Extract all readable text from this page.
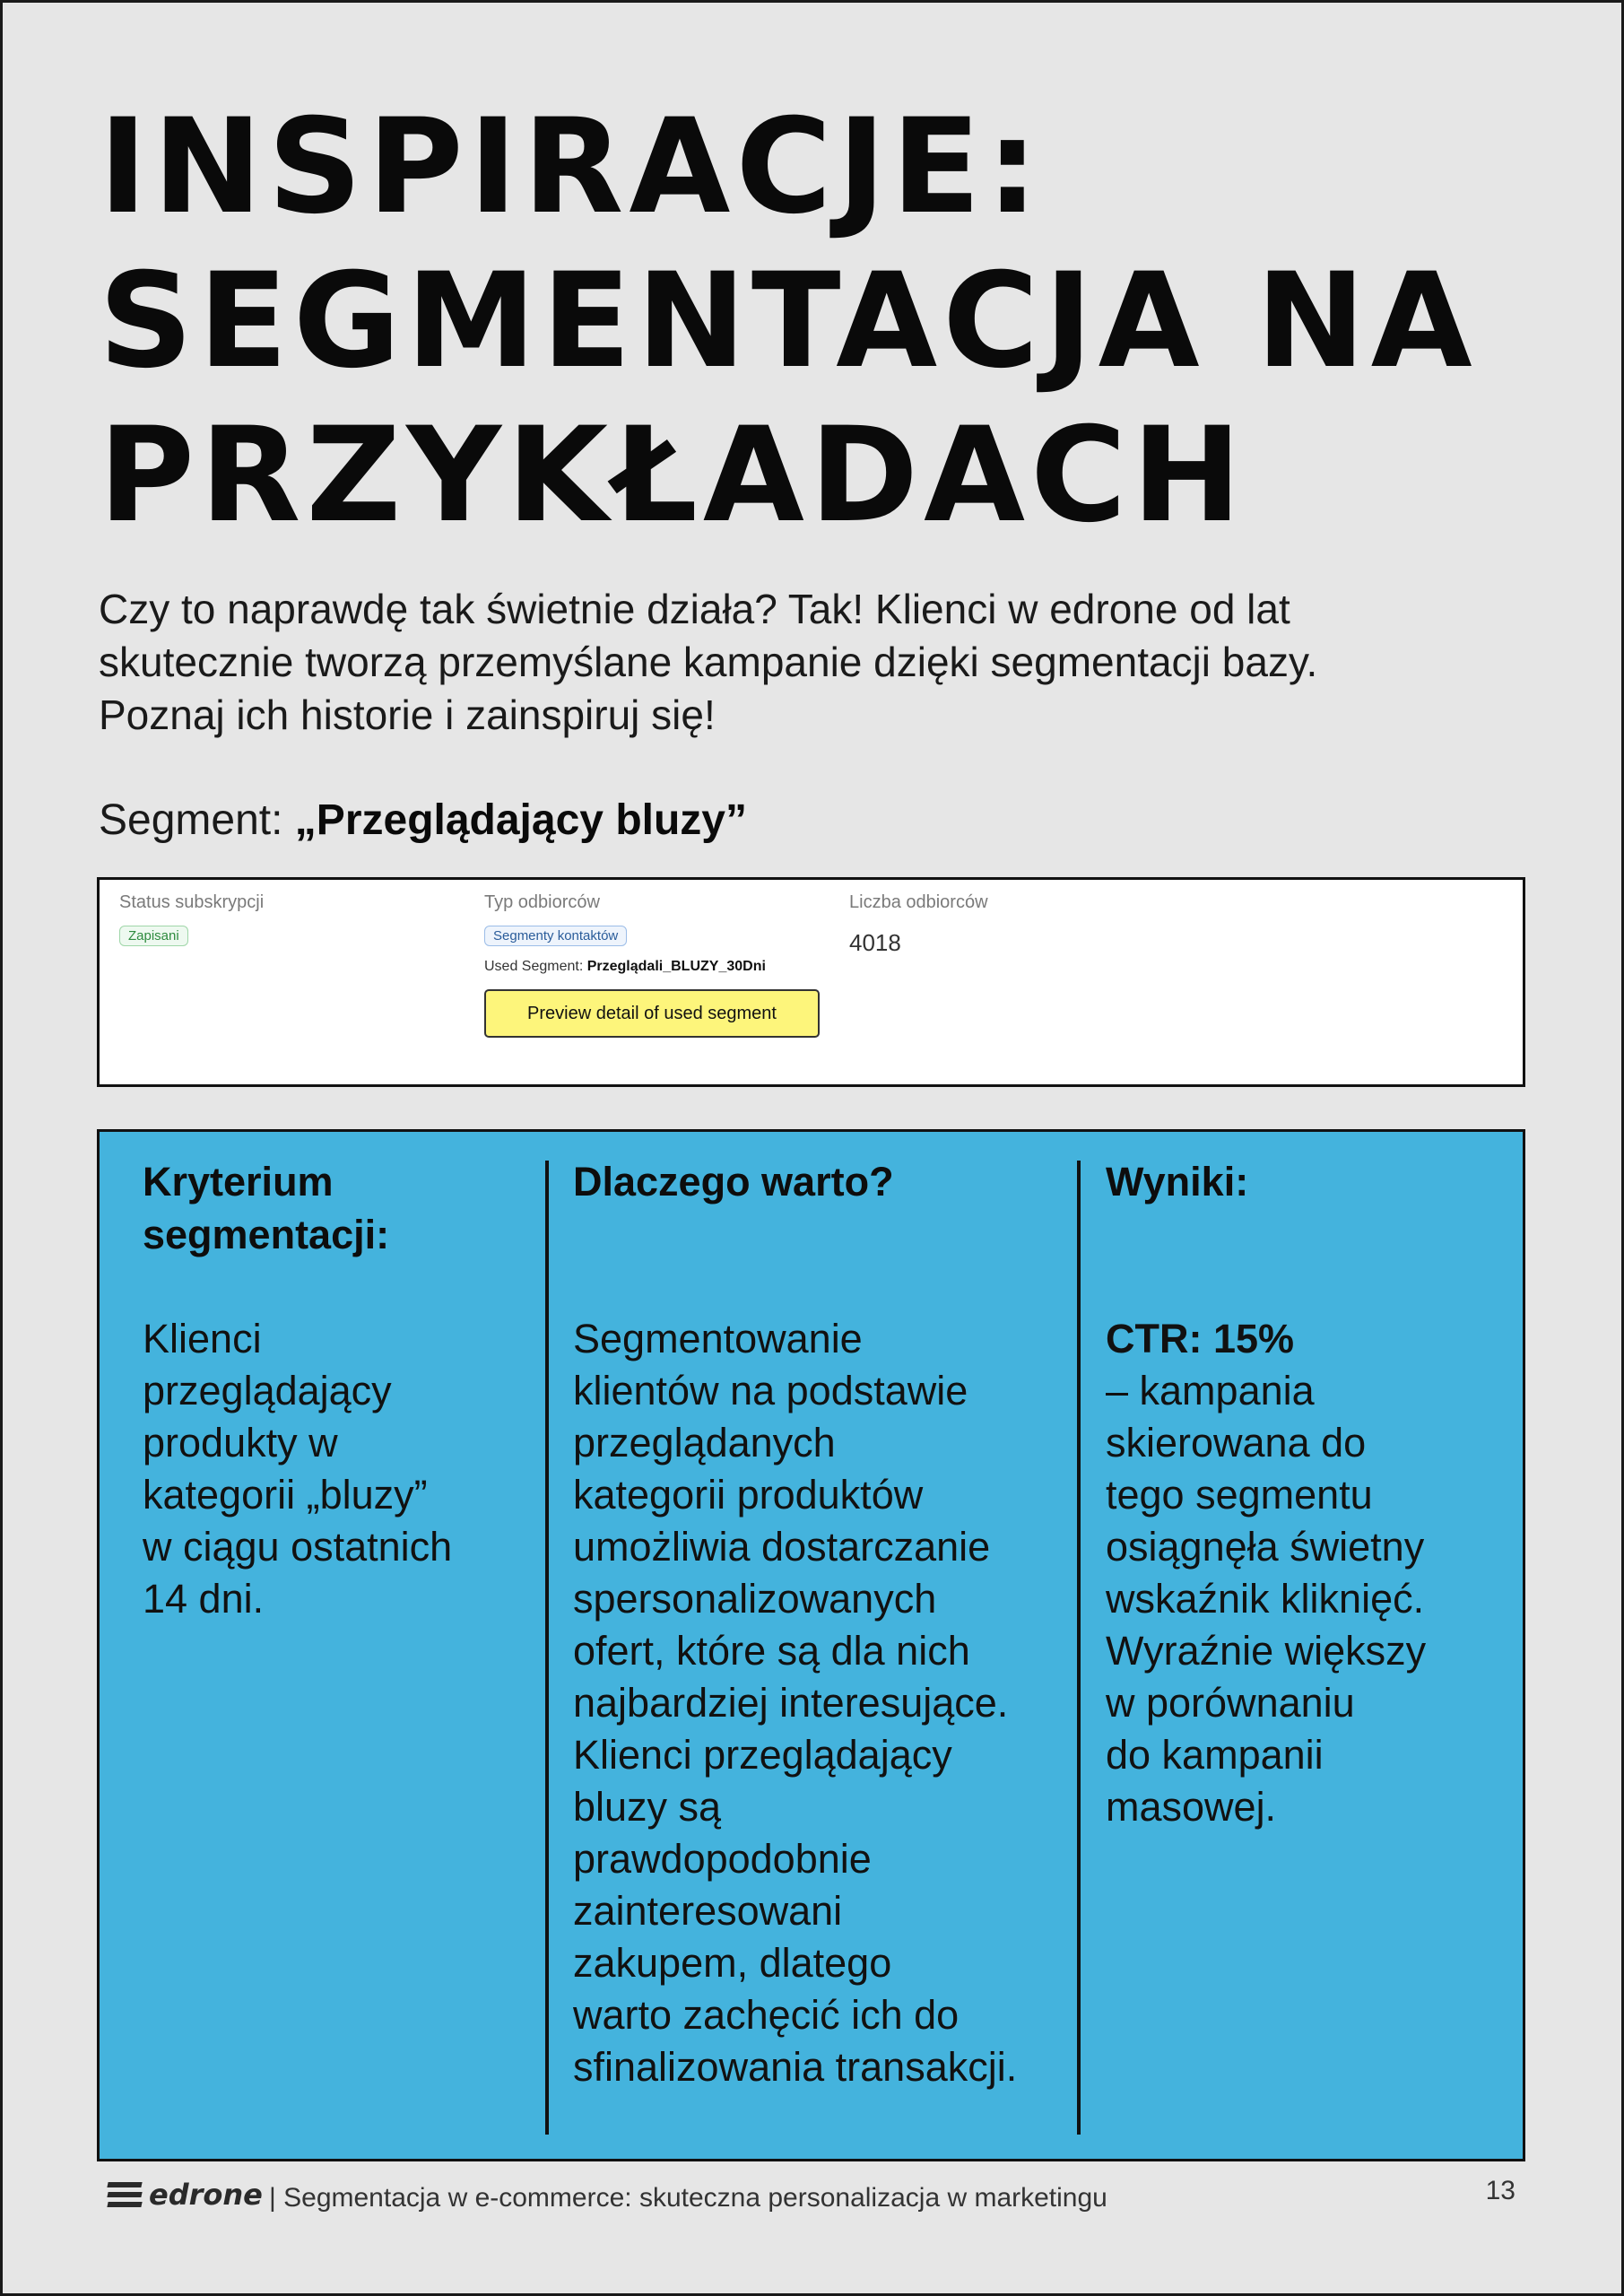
INSPIRACJE:
SEGMENTACJA NA
PRZYKŁADACH
Czy to naprawdę tak świetnie działa? Tak! Klienci w edrone od lat
skutecznie tworzą przemyślane kampanie dzięki segmentacji bazy.
Poznaj ich historie i zainspiruj się!
Segment: „Przeglądający bluzy”
Status subskrypcji
Zapisani
Typ odbiorców
Segmenty kontaktów
Used Segment: Przeglądali_BLUZY_30Dni
Preview detail of used segment
Liczba odbiorców
4018
Kryterium
segmentacji:
Klienci
przeglądający
produkty w
kategorii „bluzy”
w ciągu ostatnich
14 dni.
Dlaczego warto?
Segmentowanie
klientów na podstawie
przeglądanych
kategorii produktów
umożliwia dostarczanie
spersonalizowanych
ofert, które są dla nich
najbardziej interesujące.
Klienci przeglądający
bluzy są
prawdopodobnie
zainteresowani
zakupem, dlatego
warto zachęcić ich do
sfinalizowania transakcji.
Wyniki:
CTR: 15%
– kampania
skierowana do
tego segmentu
osiągnęła świetny
wskaźnik kliknięć.
Wyraźnie większy
w porównaniu
do kampanii
masowej.
edrone | Segmentacja w e-commerce: skuteczna personalizacja w marketingu	13
